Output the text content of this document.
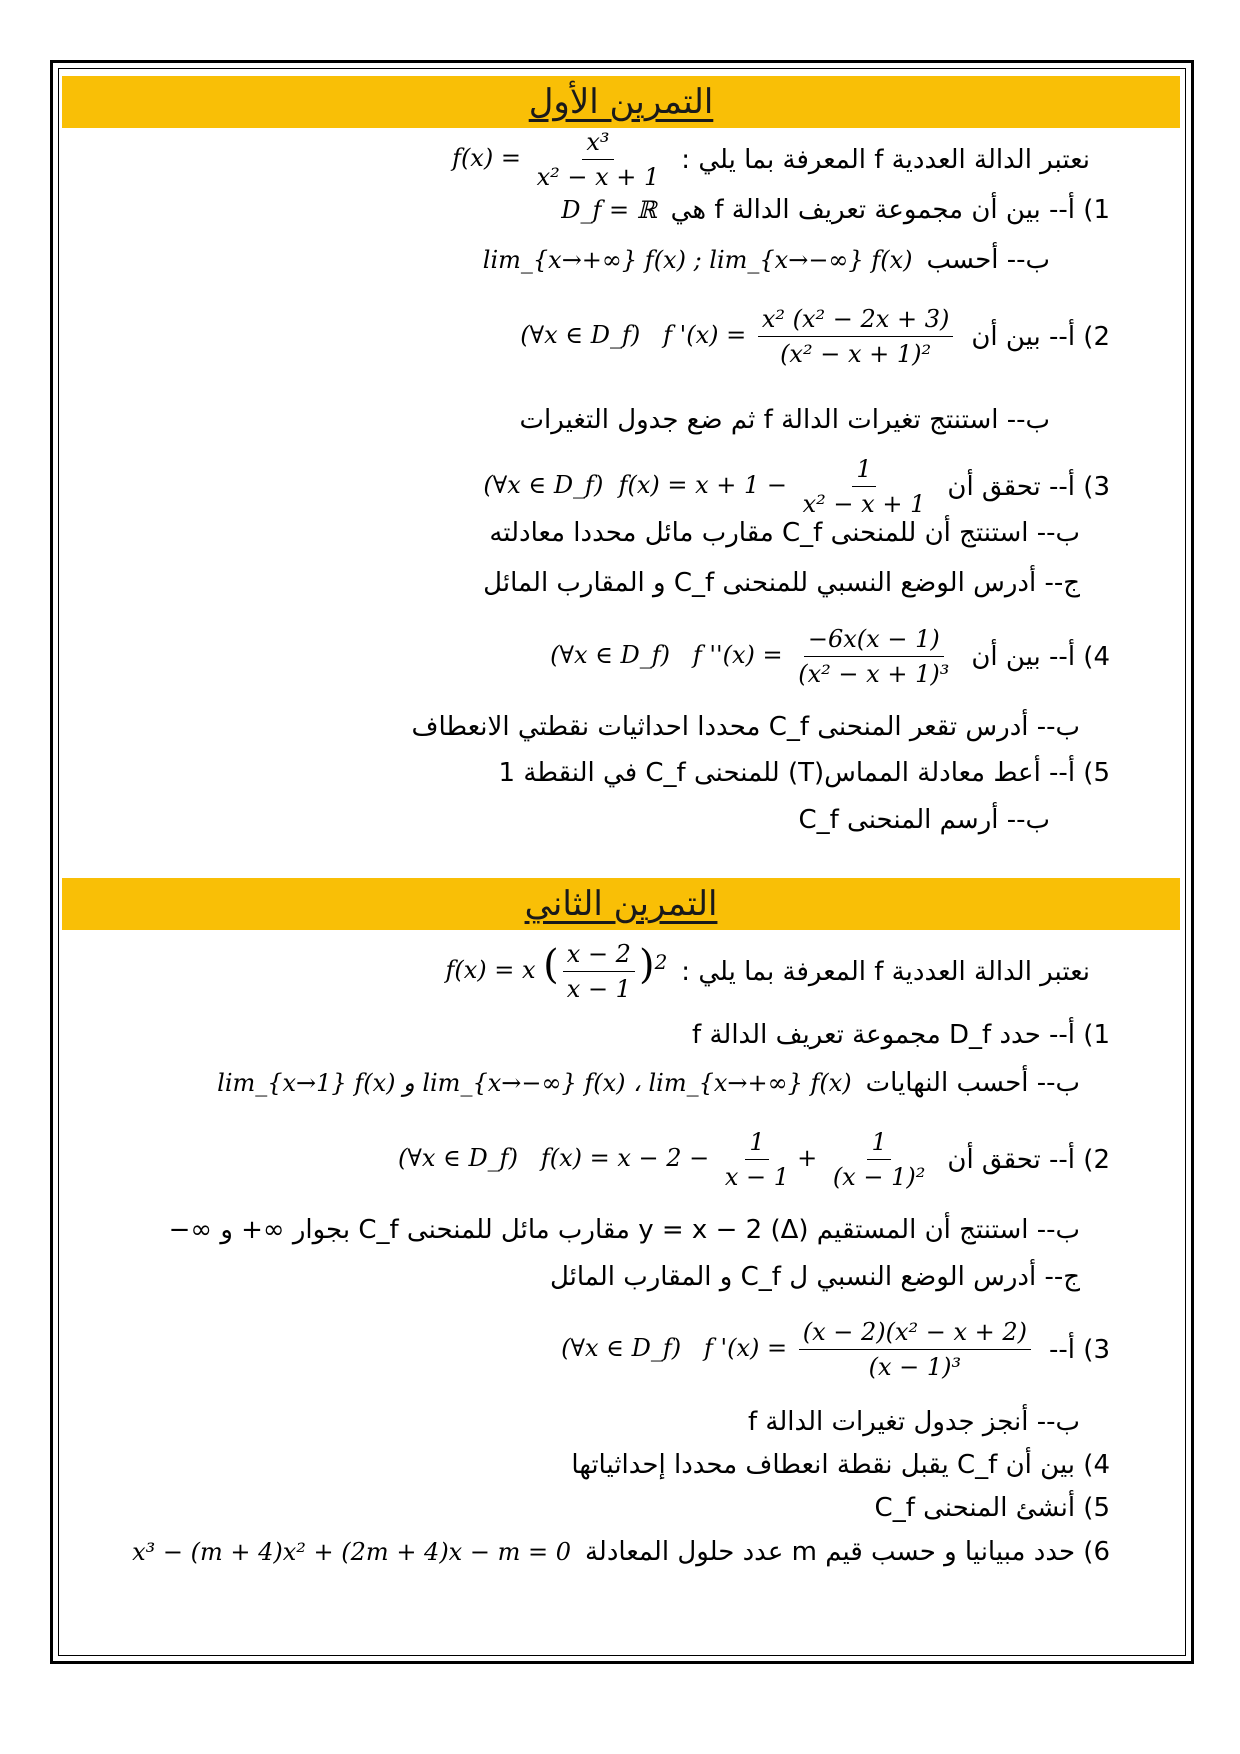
التمرين الأول
نعتبر الدالة العددية f المعرفة بما يلي :
$f(x) = \frac{\text{x³}}{\text{x² − x + 1}}$
1) أ-- بين أن مجموعة تعريف الدالة f هي
D_f = ℝ
ب-- أحسب
lim_{x→+∞} f(x) ; lim_{x→−∞} f(x)
2) أ-- بين أن
(∀x ∈ D_f) f '$(x) = \frac{\text{x² (x² − 2x + 3)}}{\text{(x² − x + 1)²}}$
ب-- استنتج تغيرات الدالة f ثم ضع جدول التغيرات
3) أ-- تحقق أن
(∀x ∈ D_f) $f(x) = x + 1 - \frac{1}{\text{x² − x + 1}}$
ب-- استنتج أن للمنحنى C_f مقارب مائل محددا معادلته
ج-- أدرس الوضع النسبي للمنحنى C_f و المقارب المائل
4) أ-- بين أن
(∀x ∈ D_f) f ''$(x) = \frac{-6x(x - 1)}{\text{(x² − x + 1)³}}$
ب-- أدرس تقعر المنحنى C_f محددا احداثيات نقطتي الانعطاف
5) أ-- أعط معادلة المماس(T) للمنحنى C_f في النقطة 1
ب-- أرسم المنحنى C_f
التمرين الثاني
نعتبر الدالة العددية f المعرفة بما يلي :
f(x) = x ( $\frac{x - 2}{x - 1} )^2$
1) أ-- حدد D_f مجموعة تعريف الدالة f
ب-- أحسب النهايات
lim_{x→1} f(x) و lim_{x→−∞} f(x) ، lim_{x→+∞} f(x)
2) أ-- تحقق أن
(∀x ∈ D_f) $f(x) = x - 2 - \frac{1}{x - 1} + \frac{1}{\text{(x − 1)²}}$
ب-- استنتج أن المستقيم y = x − 2 (Δ) مقارب مائل للمنحنى C_f بجوار ∞+ و ∞−
ج-- أدرس الوضع النسبي ل C_f و المقارب المائل
3) أ--
(∀x ∈ D_f) f '$(x) = \frac{\text{(x − 2)(x² − x + 2)}}{\text{(x − 1)³}}$
ب-- أنجز جدول تغيرات الدالة f
4) بين أن C_f يقبل نقطة انعطاف محددا إحداثياتها
5) أنشئ المنحنى C_f
6) حدد مبيانيا و حسب قيم m عدد حلول المعادلة
x³ − (m + 4)x² + (2m + 4)x − m = 0
